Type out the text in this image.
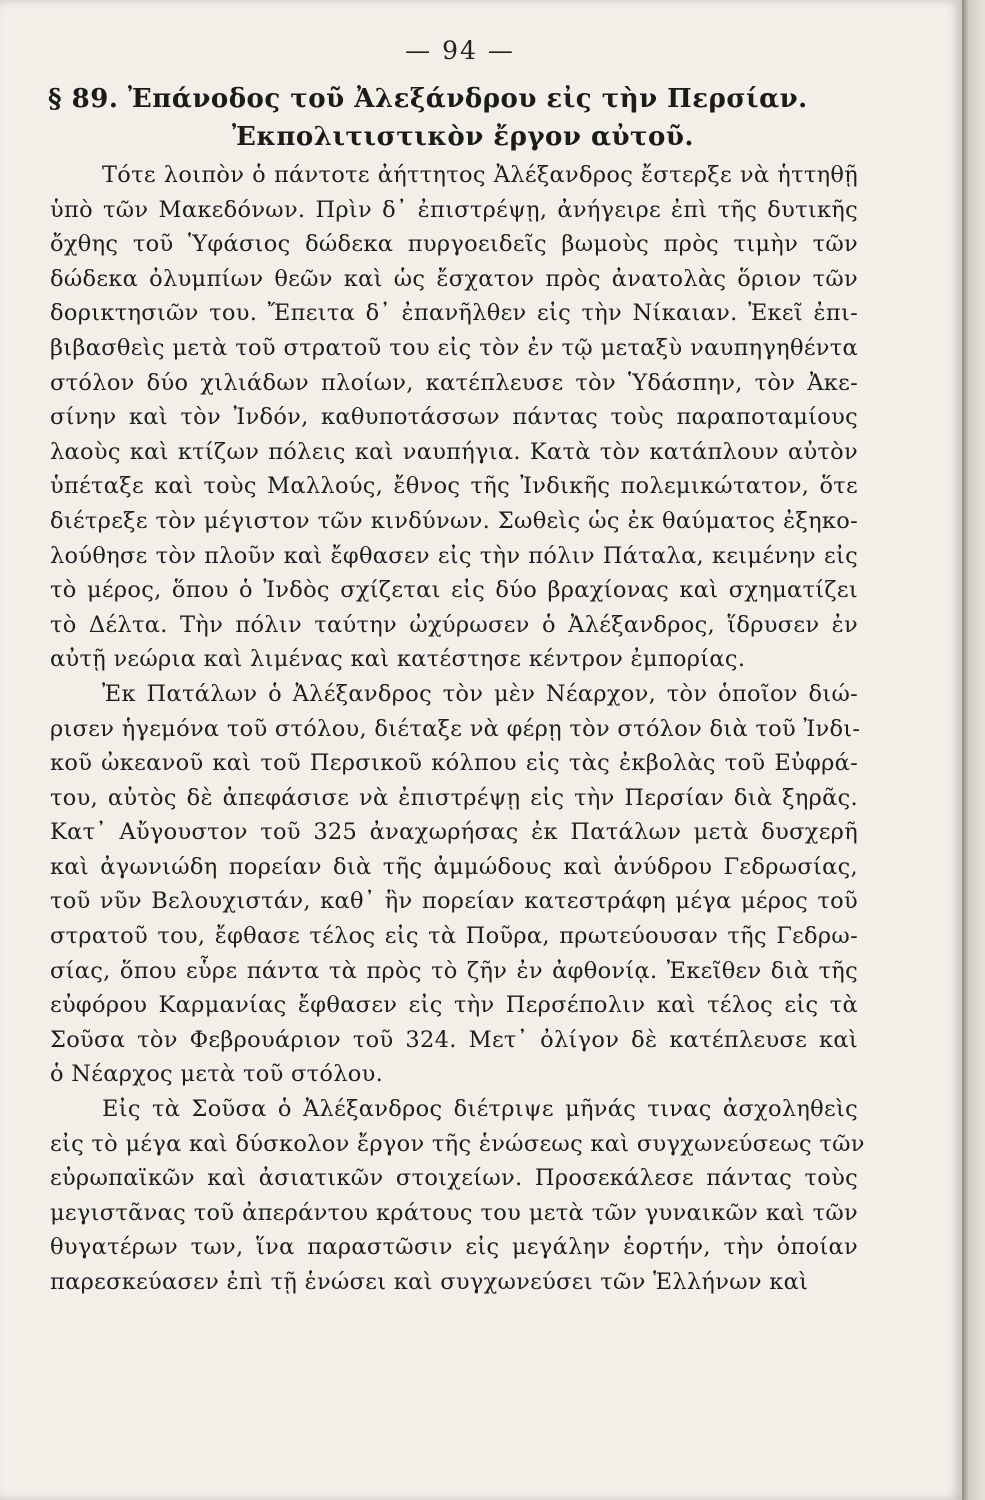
— 94 —
§ 89. Ἐπάνοδος τοῦ Ἀλεξάνδρου εἰς τὴν Περσίαν.
Ἐκπολιτιστικὸν ἔργον αὐτοῦ.
Τότε λοιπὸν ὁ πάντοτε ἀήττητος Ἀλέξανδρος ἔστερξε νὰ ἡττηθῇ
ὑπὸ τῶν Μακεδόνων. Πρὶν δ᾽ ἐπιστρέψῃ, ἀνήγειρε ἐπὶ τῆς δυτικῆς
ὄχθης τοῦ Ὑφάσιος δώδεκα πυργοειδεῖς βωμοὺς πρὸς τιμὴν τῶν
δώδεκα ὀλυμπίων θεῶν καὶ ὡς ἔσχατον πρὸς ἀνατολὰς ὅριον τῶν
δορικτησιῶν του. Ἔπειτα δ᾽ ἐπανῆλθεν εἰς τὴν Νίκαιαν. Ἐκεῖ ἐπι-
βιβασθεὶς μετὰ τοῦ στρατοῦ του εἰς τὸν ἐν τῷ μεταξὺ ναυπηγηθέντα
στόλον δύο χιλιάδων πλοίων, κατέπλευσε τὸν Ὑδάσπην, τὸν Ἀκε-
σίνην καὶ τὸν Ἰνδόν, καθυποτάσσων πάντας τοὺς παραποταμίους
λαοὺς καὶ κτίζων πόλεις καὶ ναυπήγια. Κατὰ τὸν κατάπλουν αὐτὸν
ὑπέταξε καὶ τοὺς Μαλλούς, ἔθνος τῆς Ἰνδικῆς πολεμικώτατον, ὅτε
διέτρεξε τὸν μέγιστον τῶν κινδύνων. Σωθεὶς ὡς ἐκ θαύματος ἐξηκο-
λούθησε τὸν πλοῦν καὶ ἔφθασεν εἰς τὴν πόλιν Πάταλα, κειμένην εἰς
τὸ μέρος, ὅπου ὁ Ἰνδὸς σχίζεται εἰς δύο βραχίονας καὶ σχηματίζει
τὸ Δέλτα. Τὴν πόλιν ταύτην ὠχύρωσεν ὁ Ἀλέξανδρος, ἵδρυσεν ἐν
αὐτῇ νεώρια καὶ λιμένας καὶ κατέστησε κέντρον ἐμπορίας.
Ἐκ Πατάλων ὁ Ἀλέξανδρος τὸν μὲν Νέαρχον, τὸν ὁποῖον διώ-
ρισεν ἡγεμόνα τοῦ στόλου, διέταξε νὰ φέρῃ τὸν στόλον διὰ τοῦ Ἰνδι-
κοῦ ὠκεανοῦ καὶ τοῦ Περσικοῦ κόλπου εἰς τὰς ἐκβολὰς τοῦ Εὐφρά-
του, αὐτὸς δὲ ἀπεφάσισε νὰ ἐπιστρέψῃ εἰς τὴν Περσίαν διὰ ξηρᾶς.
Κατ᾽ Αὔγουστον τοῦ 325 ἀναχωρήσας ἐκ Πατάλων μετὰ δυσχερῆ
καὶ ἀγωνιώδη πορείαν διὰ τῆς ἀμμώδους καὶ ἀνύδρου Γεδρωσίας,
τοῦ νῦν Βελουχιστάν, καθ᾽ ἣν πορείαν κατεστράφη μέγα μέρος τοῦ
στρατοῦ του, ἔφθασε τέλος εἰς τὰ Ποῦρα, πρωτεύουσαν τῆς Γεδρω-
σίας, ὅπου εὗρε πάντα τὰ πρὸς τὸ ζῆν ἐν ἀφθονίᾳ. Ἐκεῖθεν διὰ τῆς
εὐφόρου Καρμανίας ἔφθασεν εἰς τὴν Περσέπολιν καὶ τέλος εἰς τὰ
Σοῦσα τὸν Φεβρουάριον τοῦ 324. Μετ᾽ ὀλίγον δὲ κατέπλευσε καὶ
ὁ Νέαρχος μετὰ τοῦ στόλου.
Εἰς τὰ Σοῦσα ὁ Ἀλέξανδρος διέτριψε μῆνάς τινας ἀσχοληθεὶς
εἰς τὸ μέγα καὶ δύσκολον ἔργον τῆς ἑνώσεως καὶ συγχωνεύσεως τῶν
εὐρωπαϊκῶν καὶ ἀσιατικῶν στοιχείων. Προσεκάλεσε πάντας τοὺς
μεγιστᾶνας τοῦ ἀπεράντου κράτους του μετὰ τῶν γυναικῶν καὶ τῶν
θυγατέρων των, ἵνα παραστῶσιν εἰς μεγάλην ἑορτήν, τὴν ὁποίαν
παρεσκεύασεν ἐπὶ τῇ ἑνώσει καὶ συγχωνεύσει τῶν Ἑλλήνων καὶ
